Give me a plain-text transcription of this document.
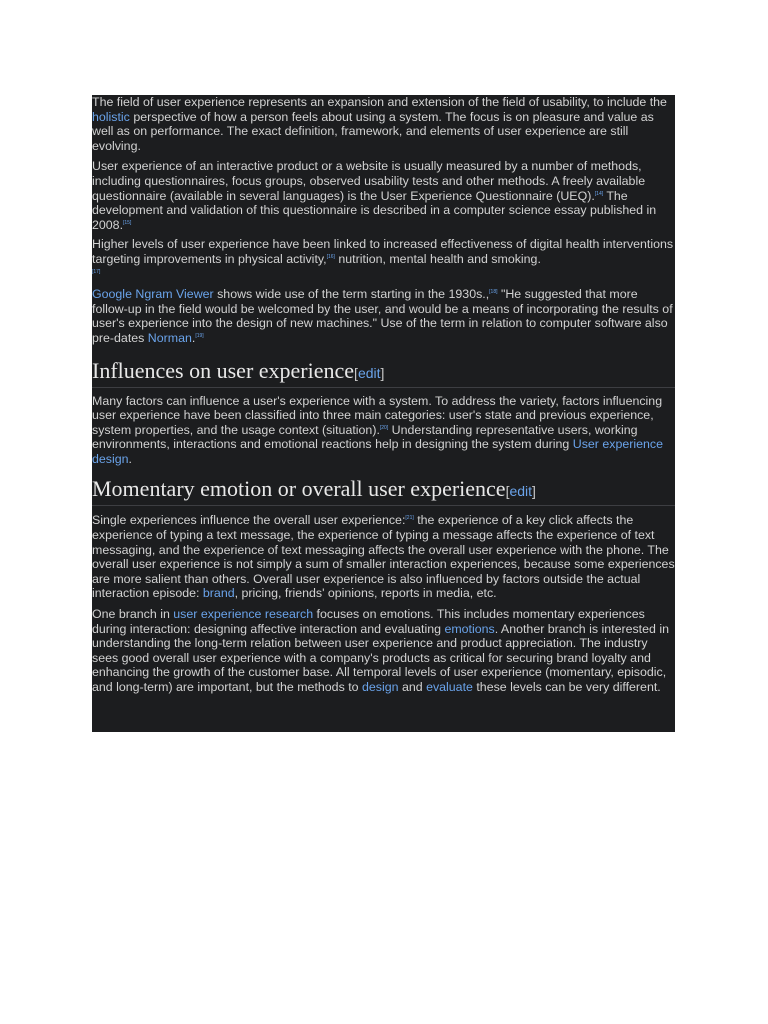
The field of user experience represents an expansion and extension of the field of usability, to include the holistic perspective of how a person feels about using a system. The focus is on pleasure and value as well as on performance. The exact definition, framework, and elements of user experience are still evolving.

User experience of an interactive product or a website is usually measured by a number of methods, including questionnaires, focus groups, observed usability tests and other methods. A freely available questionnaire (available in several languages) is the User Experience Questionnaire (UEQ).[14] The development and validation of this questionnaire is described in a computer science essay published in 2008.[15]

Higher levels of user experience have been linked to increased effectiveness of digital health interventions targeting improvements in physical activity,[16] nutrition, mental health and smoking.
[17]

Google Ngram Viewer shows wide use of the term starting in the 1930s.,[18] "He suggested that more follow-up in the field would be welcomed by the user, and would be a means of incorporating the results of user's experience into the design of new machines." Use of the term in relation to computer software also pre-dates Norman.[19]

Influences on user experience[edit]

Many factors can influence a user's experience with a system. To address the variety, factors influencing user experience have been classified into three main categories: user's state and previous experience, system properties, and the usage context (situation).[20] Understanding representative users, working environments, interactions and emotional reactions help in designing the system during User experience design.

Momentary emotion or overall user experience[edit]

Single experiences influence the overall user experience:[21] the experience of a key click affects the experience of typing a text message, the experience of typing a message affects the experience of text messaging, and the experience of text messaging affects the overall user experience with the phone. The overall user experience is not simply a sum of smaller interaction experiences, because some experiences are more salient than others. Overall user experience is also influenced by factors outside the actual interaction episode: brand, pricing, friends' opinions, reports in media, etc.

One branch in user experience research focuses on emotions. This includes momentary experiences during interaction: designing affective interaction and evaluating emotions. Another branch is interested in understanding the long-term relation between user experience and product appreciation. The industry sees good overall user experience with a company's products as critical for securing brand loyalty and enhancing the growth of the customer base. All temporal levels of user experience (momentary, episodic, and long-term) are important, but the methods to design and evaluate these levels can be very different.
